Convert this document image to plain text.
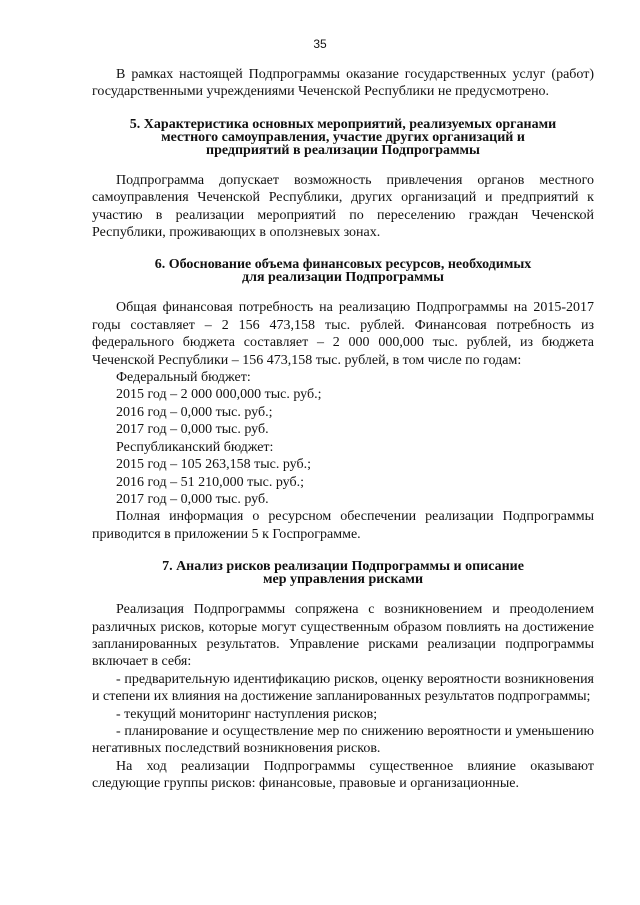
35

В рамках настоящей Подпрограммы оказание государственных услуг (работ) государственными учреждениями Чеченской Республики не предусмотрено.

5. Характеристика основных мероприятий, реализуемых органами

местного самоуправления, участие других организаций и

предприятий в реализации Подпрограммы

Подпрограмма допускает возможность привлечения органов местного самоуправления Чеченской Республики, других организаций и предприятий к участию в реализации мероприятий по переселению граждан Чеченской Республики, проживающих в оползневых зонах.

6. Обоснование объема финансовых ресурсов, необходимых

для реализации Подпрограммы

Общая финансовая потребность на реализацию Подпрограммы на 2015-2017 годы составляет – 2 156 473,158 тыс. рублей. Финансовая потребность из федерального бюджета составляет – 2 000 000,000 тыс. рублей, из бюджета Чеченской Республики – 156 473,158 тыс. рублей, в том числе по годам:

Федеральный бюджет:

2015 год – 2 000 000,000 тыс. руб.;

2016 год – 0,000 тыс. руб.;

2017 год – 0,000 тыс. руб.

Республиканский бюджет:

2015 год – 105 263,158 тыс. руб.;

2016 год – 51 210,000 тыс. руб.;

2017 год – 0,000 тыс. руб.

Полная информация о ресурсном обеспечении реализации Подпрограммы приводится в приложении 5 к Госпрограмме.

7. Анализ рисков реализации Подпрограммы и описание

мер управления рисками

Реализация Подпрограммы сопряжена с возникновением и преодолением различных рисков, которые могут существенным образом повлиять на достижение запланированных результатов. Управление рисками реализации подпрограммы включает в себя:

- предварительную идентификацию рисков, оценку вероятности возникновения и степени их влияния на достижение запланированных результатов подпрограммы;

- текущий мониторинг наступления рисков;

- планирование и осуществление мер по снижению вероятности и уменьшению негативных последствий возникновения рисков.

На ход реализации Подпрограммы существенное влияние оказывают следующие группы рисков: финансовые, правовые и организационные.
